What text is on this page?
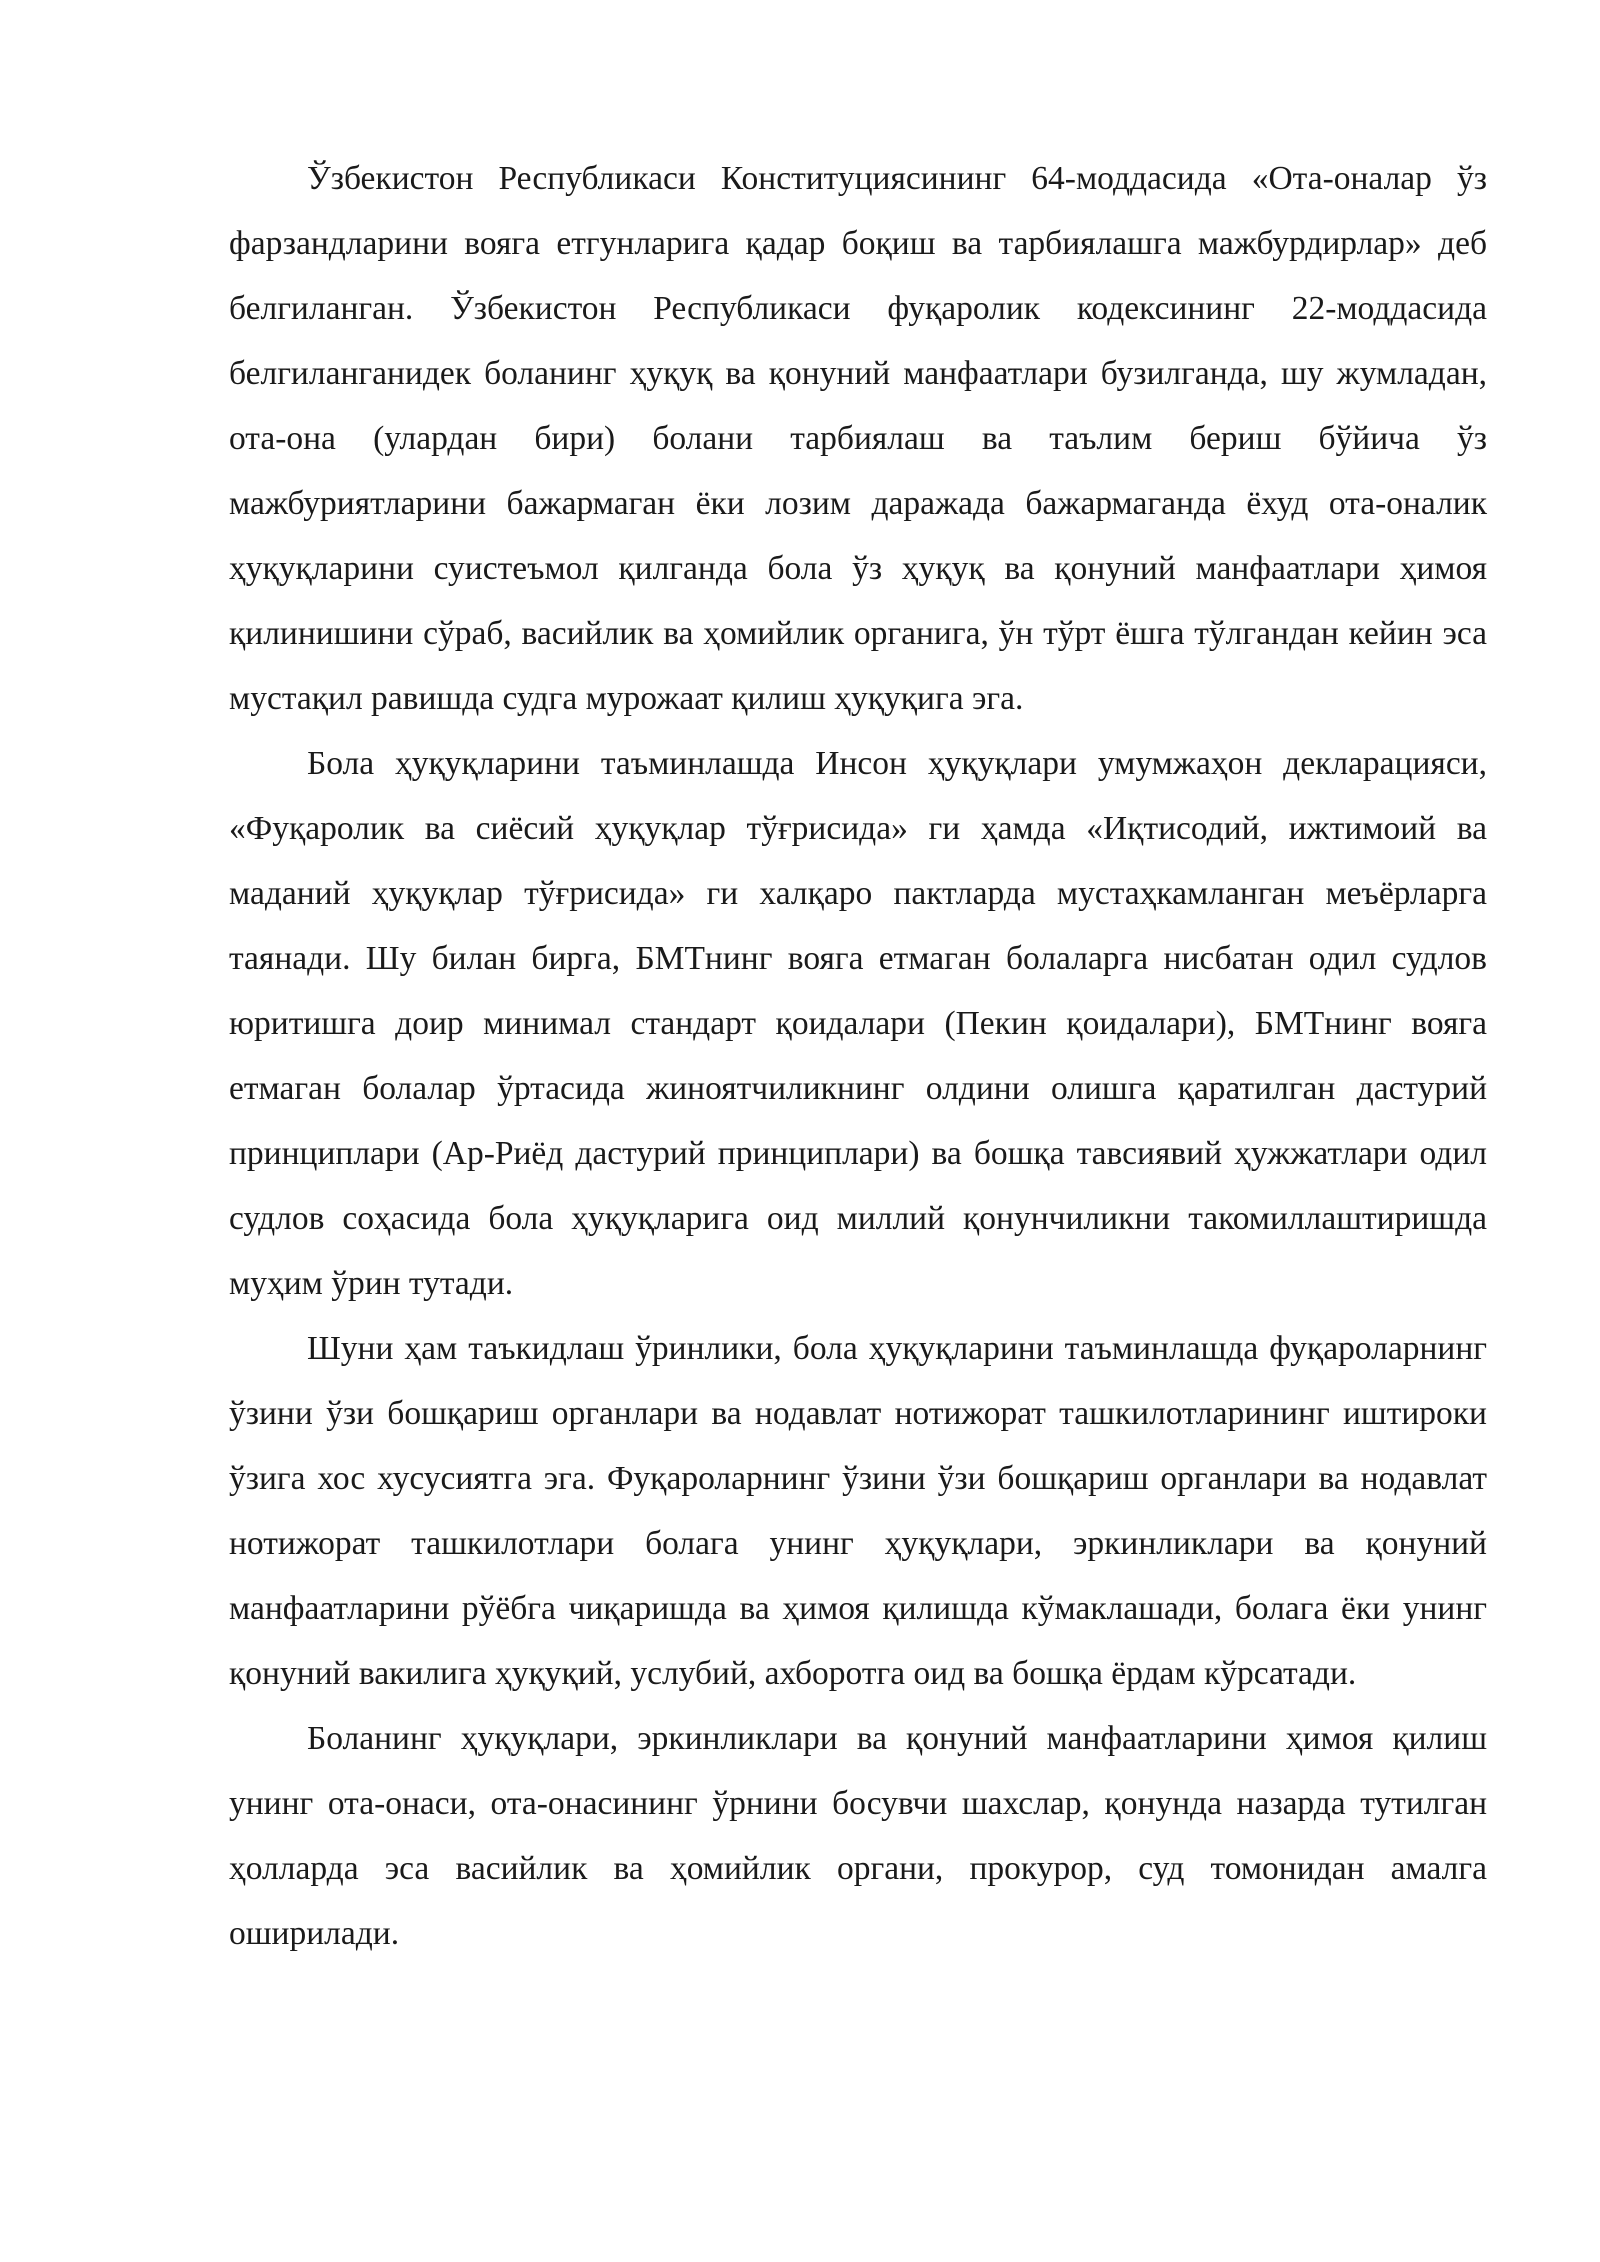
Ўзбекистон Республикаси Конституциясининг 64-моддасида «Ота-оналар ўз фарзандларини вояга етгунларига қадар боқиш ва тарбиялашга мажбурдирлар» деб белгиланган. Ўзбекистон Республикаси фуқаролик кодексининг 22-моддасида белгиланганидек боланинг ҳуқуқ ва қонуний манфаатлари бузилганда, шу жумладан, ота-она (улардан бири) болани тарбиялаш ва таълим бериш бўйича ўз мажбуриятларини бажармаган ёки лозим даражада бажармаганда ёхуд ота-оналик ҳуқуқларини суистеъмол қилганда бола ўз ҳуқуқ ва қонуний манфаатлари ҳимоя қилинишини сўраб, васийлик ва ҳомийлик органига, ўн тўрт ёшга тўлгандан кейин эса мустақил равишда судга мурожаат қилиш ҳуқуқига эга.

Бола ҳуқуқларини таъминлашда Инсон ҳуқуқлари умумжаҳон декларацияси, «Фуқаролик ва сиёсий ҳуқуқлар тўғрисида» ги ҳамда «Иқтисодий, ижтимоий ва маданий ҳуқуқлар тўғрисида» ги халқаро пактларда мустаҳкамланган меъёрларга таянади. Шу билан бирга, БМТнинг вояга етмаган болаларга нисбатан одил судлов юритишга доир минимал стандарт қоидалари (Пекин қоидалари), БМТнинг вояга етмаган болалар ўртасида жиноятчиликнинг олдини олишга қаратилган дастурий принциплари (Ар-Риёд дастурий принциплари) ва бошқа тавсиявий ҳужжатлари одил судлов соҳасида бола ҳуқуқларига оид миллий қонунчиликни такомиллаштиришда муҳим ўрин тутади.

Шуни ҳам таъкидлаш ўринлики, бола ҳуқуқларини таъминлашда фуқароларнинг ўзини ўзи бошқариш органлари ва нодавлат нотижорат ташкилотларининг иштироки ўзига хос хусусиятга эга. Фуқароларнинг ўзини ўзи бошқариш органлари ва нодавлат нотижорат ташкилотлари болага унинг ҳуқуқлари, эркинликлари ва қонуний манфаатларини рўёбга чиқаришда ва ҳимоя қилишда кўмаклашади, болага ёки унинг қонуний вакилига ҳуқуқий, услубий, ахборотга оид ва бошқа ёрдам кўрсатади.

Боланинг ҳуқуқлари, эркинликлари ва қонуний манфаатларини ҳимоя қилиш унинг ота-онаси, ота-онасининг ўрнини босувчи шахслар, қонунда назарда тутилган ҳолларда эса васийлик ва ҳомийлик органи, прокурор, суд томонидан амалга оширилади.
